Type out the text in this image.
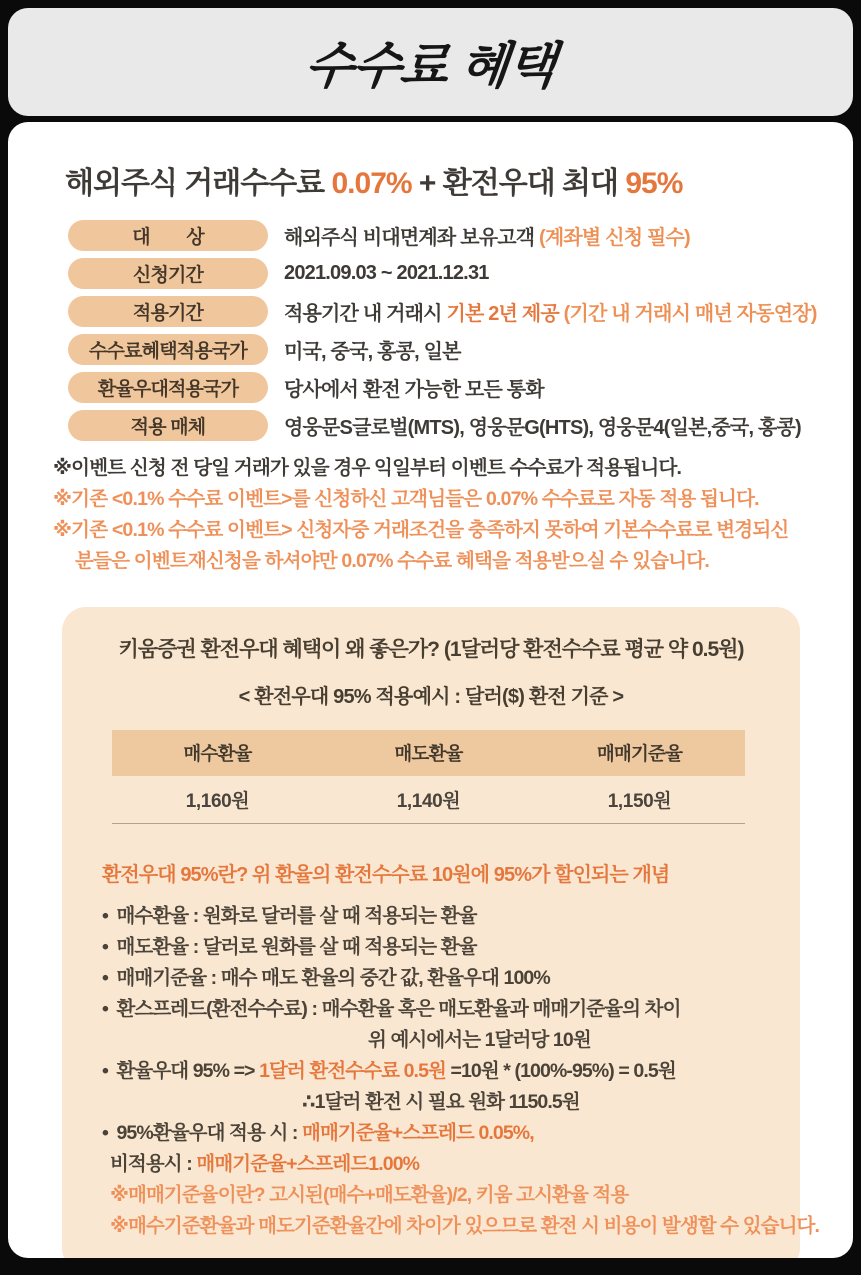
수수료 혜택
해외주식 거래수수료 0.07% + 환전우대 최대 95%
대　　상	해외주식 비대면계좌 보유고객 (계좌별 신청 필수)
신청기간	2021.09.03 ~ 2021.12.31
적용기간	적용기간 내 거래시 기본 2년 제공 (기간 내 거래시 매년 자동연장)
수수료혜택적용국가	미국, 중국, 홍콩, 일본
환율우대적용국가	당사에서 환전 가능한 모든 통화
적용 매체	영웅문S글로벌(MTS), 영웅문G(HTS), 영웅문4(일본,중국, 홍콩)
※이벤트 신청 전 당일 거래가 있을 경우 익일부터 이벤트 수수료가 적용됩니다.
※기존 <0.1% 수수료 이벤트>를 신청하신 고객님들은 0.07% 수수료로 자동 적용 됩니다.
※기존 <0.1% 수수료 이벤트> 신청자중 거래조건을 충족하지 못하여 기본수수료로 변경되신
분들은 이벤트재신청을 하셔야만 0.07% 수수료 혜택을 적용받으실 수 있습니다.
키움증권 환전우대 혜택이 왜 좋은가? (1달러당 환전수수료 평균 약 0.5원)
< 환전우대 95% 적용예시 : 달러($) 환전 기준 >
매수환율	매도환율	매매기준율
1,160원	1,140원	1,150원
환전우대 95%란? 위 환율의 환전수수료 10원에 95%가 할인되는 개념
• 매수환율 : 원화로 달러를 살 때 적용되는 환율
• 매도환율 : 달러로 원화를 살 때 적용되는 환율
• 매매기준율 : 매수 매도 환율의 중간 값, 환율우대 100%
• 환스프레드(환전수수료) : 매수환율 혹은 매도환율과 매매기준율의 차이
위 예시에서는 1달러당 10원
• 환율우대 95% => 1달러 환전수수료 0.5원 =10원 * (100%-95%) = 0.5원
∴1달러 환전 시 필요 원화 1150.5원
• 95%환율우대 적용 시 : 매매기준율+스프레드 0.05%,
비적용시 : 매매기준율+스프레드1.00%
※매매기준율이란? 고시된(매수+매도환율)/2, 키움 고시환율 적용
※매수기준환율과 매도기준환율간에 차이가 있으므로 환전 시 비용이 발생할 수 있습니다.
